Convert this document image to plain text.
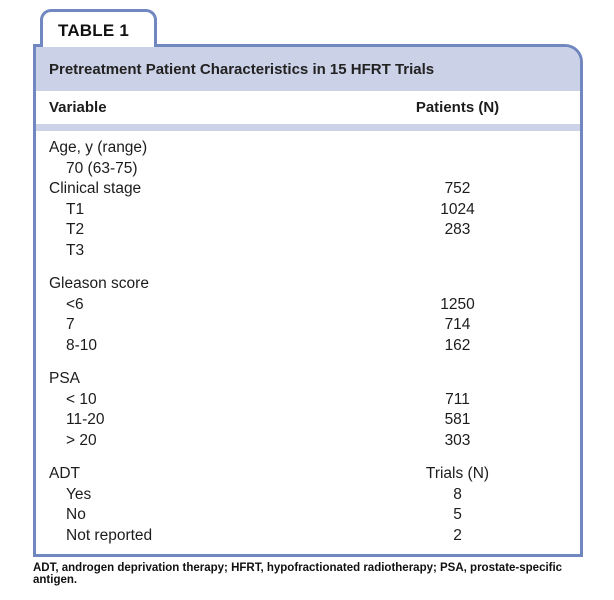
TABLE 1
Pretreatment Patient Characteristics in 15 HFRT Trials
Variable	Patients (N)
Age, y (range)
70 (63-75)
Clinical stage	752
T1	1024
T2	283
T3
Gleason score
<6	1250
7	714
8-10	162
PSA
< 10	711
11-20	581
> 20	303
ADT	Trials (N)
Yes	8
No	5
Not reported	2
ADT, androgen deprivation therapy; HFRT, hypofractionated radiotherapy; PSA, prostate-specific antigen.
